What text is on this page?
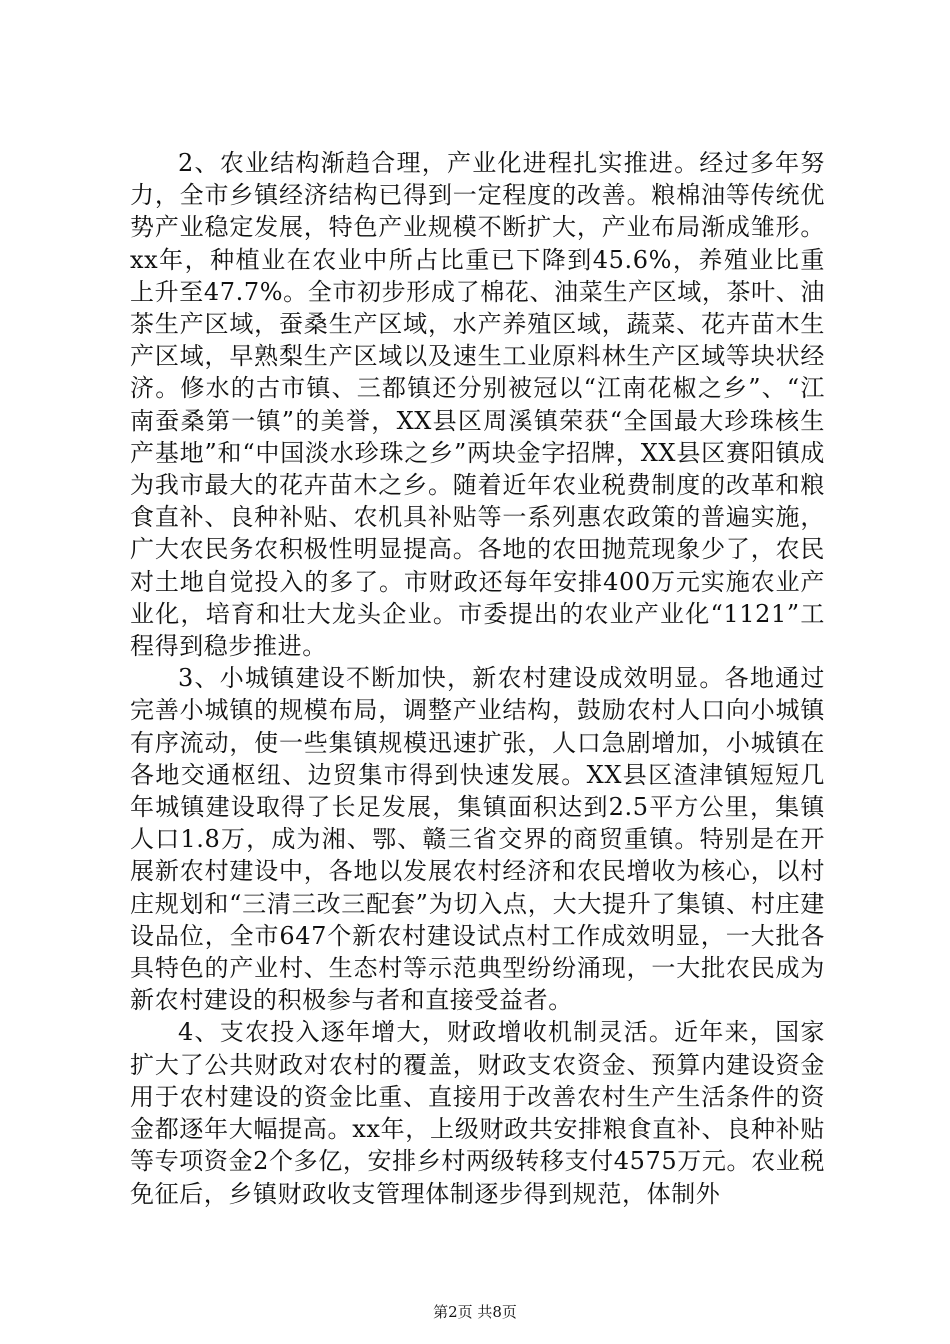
2、农业结构渐趋合理，产业化进程扎实推进。经过多年努力，全市乡镇经济结构已得到一定程度的改善。粮棉油等传统优势产业稳定发展，特色产业规模不断扩大，产业布局渐成雏形。xx年，种植业在农业中所占比重已下降到45.6%，养殖业比重上升至47.7%。全市初步形成了棉花、油菜生产区域，茶叶、油茶生产区域，蚕桑生产区域，水产养殖区域，蔬菜、花卉苗木生产区域，早熟梨生产区域以及速生工业原料林生产区域等块状经济。修水的古市镇、三都镇还分别被冠以“江南花椒之乡”、“江南蚕桑第一镇”的美誉，XX县区周溪镇荣获“全国最大珍珠核生产基地”和“中国淡水珍珠之乡”两块金字招牌，XX县区赛阳镇成为我市最大的花卉苗木之乡。随着近年农业税费制度的改革和粮食直补、良种补贴、农机具补贴等一系列惠农政策的普遍实施，广大农民务农积极性明显提高。各地的农田抛荒现象少了，农民对土地自觉投入的多了。市财政还每年安排400万元实施农业产业化，培育和壮大龙头企业。市委提出的农业产业化“1121”工程得到稳步推进。

3、小城镇建设不断加快，新农村建设成效明显。各地通过完善小城镇的规模布局，调整产业结构，鼓励农村人口向小城镇有序流动，使一些集镇规模迅速扩张，人口急剧增加，小城镇在各地交通枢纽、边贸集市得到快速发展。XX县区渣津镇短短几年城镇建设取得了长足发展，集镇面积达到2.5平方公里，集镇人口1.8万，成为湘、鄂、赣三省交界的商贸重镇。特别是在开展新农村建设中，各地以发展农村经济和农民增收为核心，以村庄规划和“三清三改三配套”为切入点，大大提升了集镇、村庄建设品位，全市647个新农村建设试点村工作成效明显，一大批各具特色的产业村、生态村等示范典型纷纷涌现，一大批农民成为新农村建设的积极参与者和直接受益者。

4、支农投入逐年增大，财政增收机制灵活。近年来，国家扩大了公共财政对农村的覆盖，财政支农资金、预算内建设资金用于农村建设的资金比重、直接用于改善农村生产生活条件的资金都逐年大幅提高。xx年，上级财政共安排粮食直补、良种补贴等专项资金2个多亿，安排乡村两级转移支付4575万元。农业税免征后，乡镇财政收支管理体制逐步得到规范，体制外

第2页 共8页
